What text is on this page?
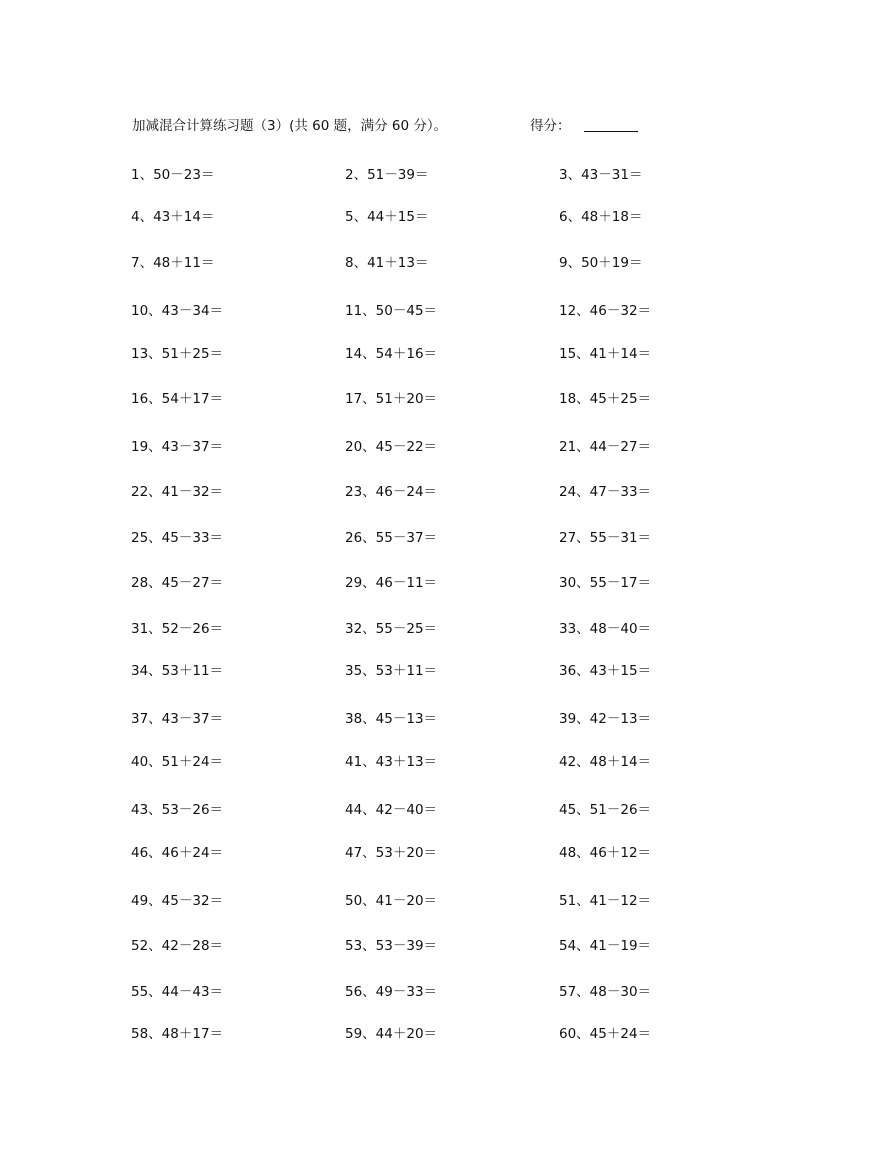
加减混合计算练习题（3）(共 60 题，满分 60 分）。	得分：
1、50－23＝	2、51－39＝	3、43－31＝
4、43＋14＝	5、44＋15＝	6、48＋18＝
7、48＋11＝	8、41＋13＝	9、50＋19＝
10、43－34＝	11、50－45＝	12、46－32＝
13、51＋25＝	14、54＋16＝	15、41＋14＝
16、54＋17＝	17、51＋20＝	18、45＋25＝
19、43－37＝	20、45－22＝	21、44－27＝
22、41－32＝	23、46－24＝	24、47－33＝
25、45－33＝	26、55－37＝	27、55－31＝
28、45－27＝	29、46－11＝	30、55－17＝
31、52－26＝	32、55－25＝	33、48－40＝
34、53＋11＝	35、53＋11＝	36、43＋15＝
37、43－37＝	38、45－13＝	39、42－13＝
40、51＋24＝	41、43＋13＝	42、48＋14＝
43、53－26＝	44、42－40＝	45、51－26＝
46、46＋24＝	47、53＋20＝	48、46＋12＝
49、45－32＝	50、41－20＝	51、41－12＝
52、42－28＝	53、53－39＝	54、41－19＝
55、44－43＝	56、49－33＝	57、48－30＝
58、48＋17＝	59、44＋20＝	60、45＋24＝
